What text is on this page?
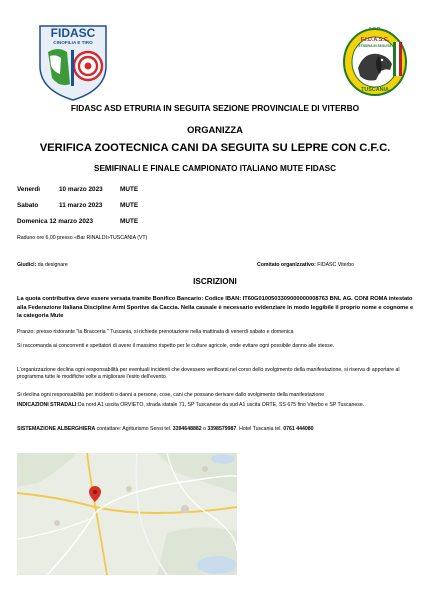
FIDASC
CINOFILIA E TIRO	F.I.D.A.S.C.
ETRURIA IN SEGUITA
TUSCANIA
FIDASC ASD ETRURIA IN SEGUITA SEZIONE PROVINCIALE DI VITERBO
ORGANIZZA
VERIFICA ZOOTECNICA CANI DA SEGUITA SU LEPRE CON C.F.C.
SEMIFINALI E FINALE CAMPIONATO ITALIANO MUTE FIDASC
Venerdì	10 marzo 2023	MUTE
Sabato	11 marzo 2023	MUTE
Domenica 12 marzo 2023	MUTE
Raduno ore 6,00 presso «Bar RINALDI»TUSCANIA (VT)
Giudici: da designare	Comitato organizzativo: FIDASC Viterbo
ISCRIZIONI
La quota contributiva deve essere versata tramite Bonifico Bancario: Codice IBAN: IT60G0100503309000000008763 BNL AG. CONI ROMA intestato alla Federazione Italiana Discipline Armi Sportive da Caccia. Nella causale è necessario evidenziare in modo leggibile il proprio nome e cognome e la categoria Mute
Pranzo: presso ristorante "la Bracceria " Tuscania, si richiede prenotazione nella mattinata di venerdì sabato e domenica
Si raccomanda ai concorrenti e spettatori di avere il massimo rispetto per le culture agricole, onde evitare ogni possibile danno alle stesse.
L'organizzazione declina ogni responsabilità per eventuali incidenti che dovessero verificarsi nel corso dello svolgimento della manifestazione, si riserva di apportare al programma tutte le modifiche volte a migliorare l'esito dell'evento.
Si declina ogni responsabilità per incidenti o danni a persone, cose, cani che possano derivare dallo svolgimento della manifestazione
INDICAZIONI STRADALI:Da nord A1 uscita ORVIETO, strada statale 71, SP Tuscanese da sud A1 uscita ORTE, SS 675 fino Viterbo e SP Tuscanese.
SISTEMAZIONE ALBERGHIERA contattare: Agriturismo Sensi tel. 3394648882 o 3398579987. Hotel Tuscania tel. 0761 444080
